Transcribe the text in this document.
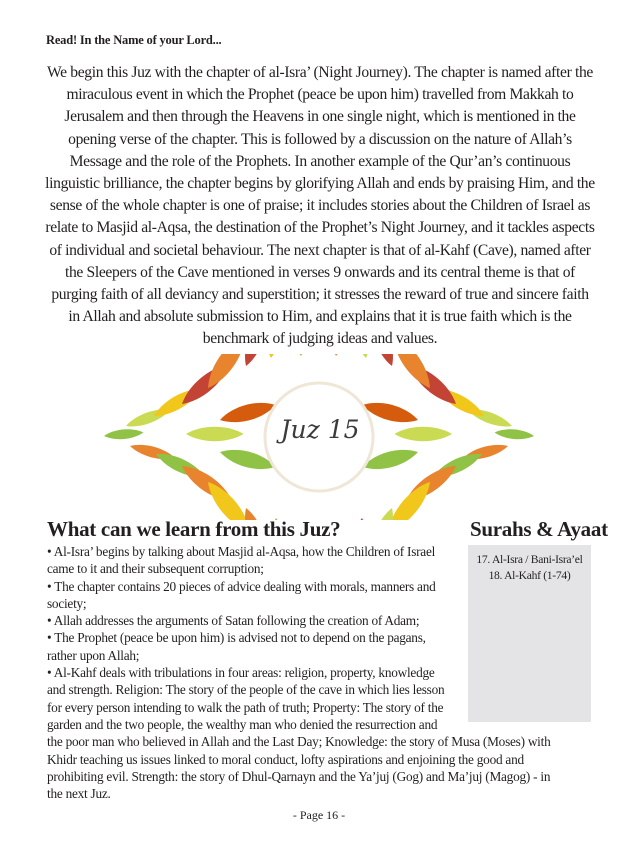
Read! In the Name of your Lord...

We begin this Juz with the chapter of al-Isra’ (Night Journey). The chapter is named after the miraculous event in which the Prophet (peace be upon him) travelled from Makkah to Jerusalem and then through the Heavens in one single night, which is mentioned in the opening verse of the chapter. This is followed by a discussion on the nature of Allah’s Message and the role of the Prophets. In another example of the Qur’an’s continuous linguistic brilliance, the chapter begins by glorifying Allah and ends by praising Him, and the sense of the whole chapter is one of praise; it includes stories about the Children of Israel as relate to Masjid al-Aqsa, the destination of the Prophet’s Night Journey, and it tackles aspects of individual and societal behaviour. The next chapter is that of al-Kahf (Cave), named after the Sleepers of the Cave mentioned in verses 9 onwards and its central theme is that of purging faith of all deviancy and superstition; it stresses the reward of true and sincere faith in Allah and absolute submission to Him, and explains that it is true faith which is the benchmark of judging ideas and values.

Juz 15
What can we learn from this Juz?	Surahs & Ayaat
17. Al-Isra / Bani-Isra’el
18. Al-Kahf (1-74)
• Al-Isra’ begins by talking about Masjid al-Aqsa, how the Children of Israel
came to it and their subsequent corruption;
• The chapter contains 20 pieces of advice dealing with morals, manners and
society;
• Allah addresses the arguments of Satan following the creation of Adam;
• The Prophet (peace be upon him) is advised not to depend on the pagans,
rather upon Allah;
• Al-Kahf deals with tribulations in four areas: religion, property, knowledge
and strength. Religion: The story of the people of the cave in which lies lesson
for every person intending to walk the path of truth; Property: The story of the
garden and the two people, the wealthy man who denied the resurrection and
the poor man who believed in Allah and the Last Day; Knowledge: the story of Musa (Moses) with
Khidr teaching us issues linked to moral conduct, lofty aspirations and enjoining the good and
prohibiting evil. Strength: the story of Dhul-Qarnayn and the Ya’juj (Gog) and Ma’juj (Magog) - in
the next Juz.
- Page 16 -
